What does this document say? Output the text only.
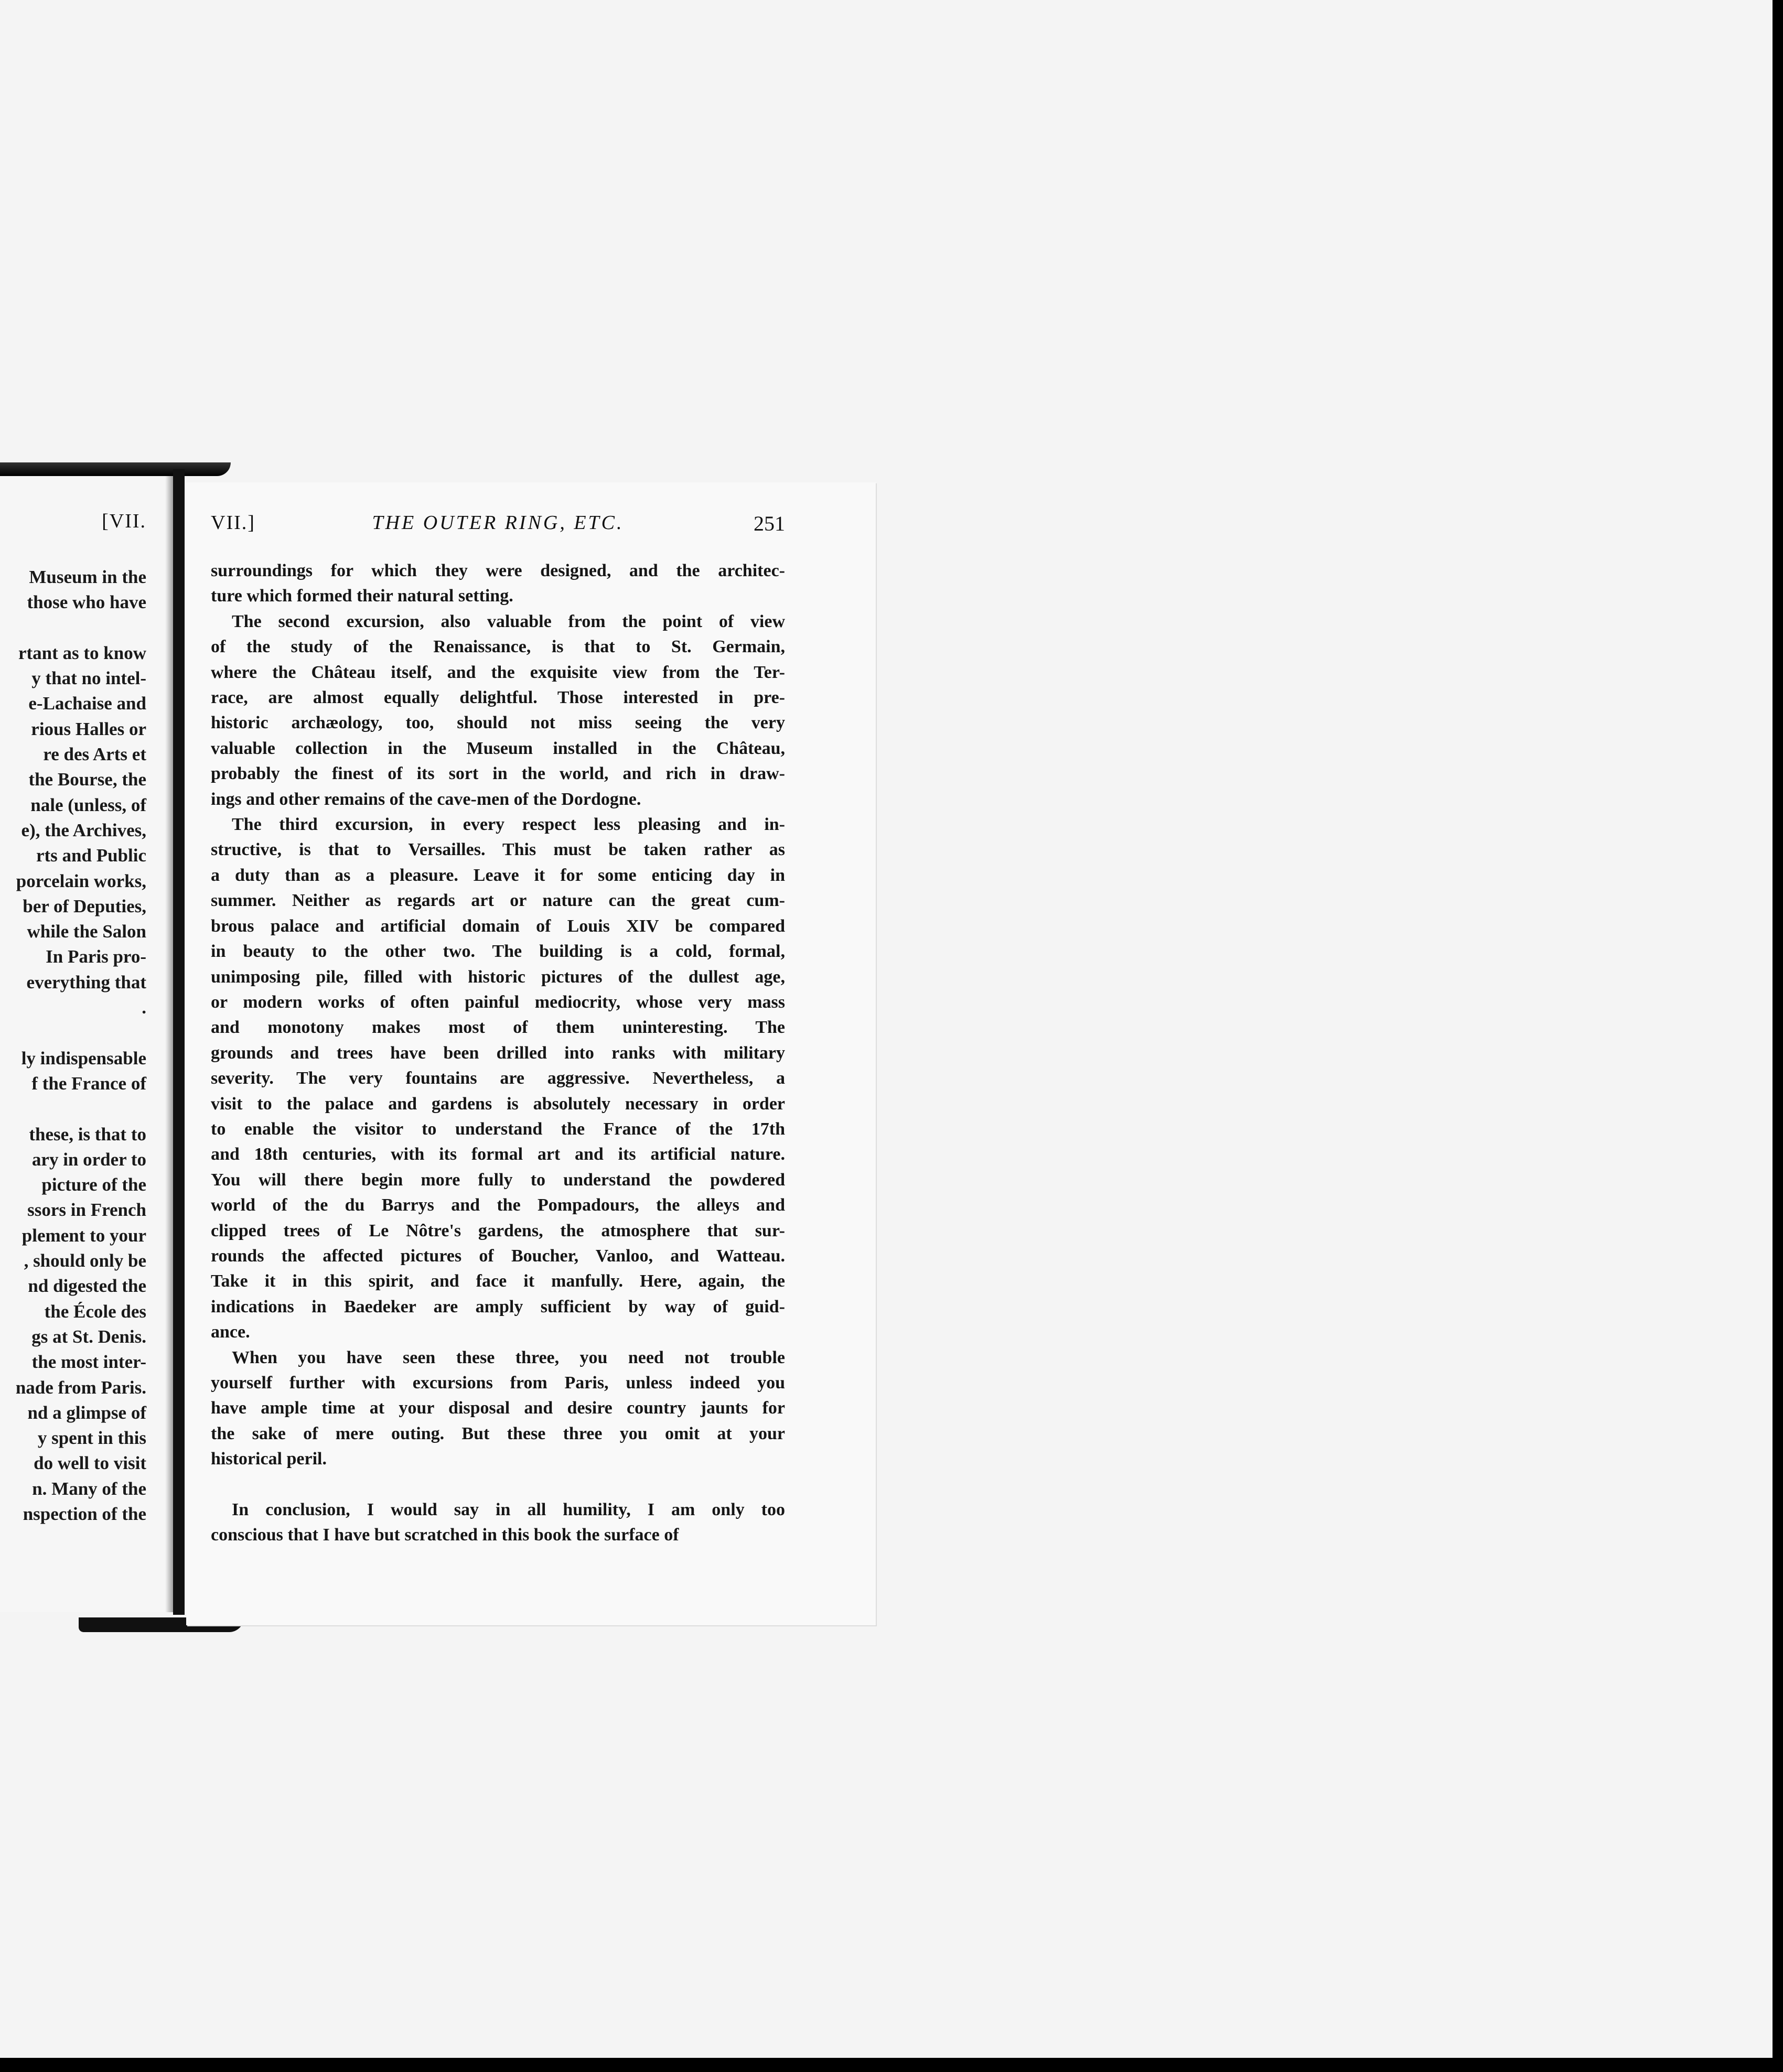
[VII.
Museum in the
those who have

rtant as to know
y that no intel-
e-Lachaise and
rious Halles or
re des Arts et
the Bourse, the
nale (unless, of
e), the Archives,
rts and Public
porcelain works,
ber of Deputies,
while the Salon
In Paris pro-
everything that
.

ly indispensable
f the France of

these, is that to
ary in order to
picture of the
ssors in French
plement to your
, should only be
nd digested the
the École des
gs at St. Denis.
the most inter-
nade from Paris.
nd a glimpse of
y spent in this
do well to visit
n. Many of the
nspection of the
VII.]	THE OUTER RING, ETC.	251

surroundings for which they were designed, and the architec-
ture which formed their natural setting.

The second excursion, also valuable from the point of view
of the study of the Renaissance, is that to St. Germain,
where the Château itself, and the exquisite view from the Ter-
race, are almost equally delightful. Those interested in pre-
historic archæology, too, should not miss seeing the very
valuable collection in the Museum installed in the Château,
probably the finest of its sort in the world, and rich in draw-
ings and other remains of the cave-men of the Dordogne.

The third excursion, in every respect less pleasing and in-
structive, is that to Versailles. This must be taken rather as
a duty than as a pleasure. Leave it for some enticing day in
summer. Neither as regards art or nature can the great cum-
brous palace and artificial domain of Louis XIV be compared
in beauty to the other two. The building is a cold, formal,
unimposing pile, filled with historic pictures of the dullest age,
or modern works of often painful mediocrity, whose very mass
and monotony makes most of them uninteresting. The
grounds and trees have been drilled into ranks with military
severity. The very fountains are aggressive. Nevertheless, a
visit to the palace and gardens is absolutely necessary in order
to enable the visitor to understand the France of the 17th
and 18th centuries, with its formal art and its artificial nature.
You will there begin more fully to understand the powdered
world of the du Barrys and the Pompadours, the alleys and
clipped trees of Le Nôtre's gardens, the atmosphere that sur-
rounds the affected pictures of Boucher, Vanloo, and Watteau.
Take it in this spirit, and face it manfully. Here, again, the
indications in Baedeker are amply sufficient by way of guid-
ance.

When you have seen these three, you need not trouble
yourself further with excursions from Paris, unless indeed you
have ample time at your disposal and desire country jaunts for
the sake of mere outing. But these three you omit at your
historical peril.

In conclusion, I would say in all humility, I am only too
conscious that I have but scratched in this book the surface of
